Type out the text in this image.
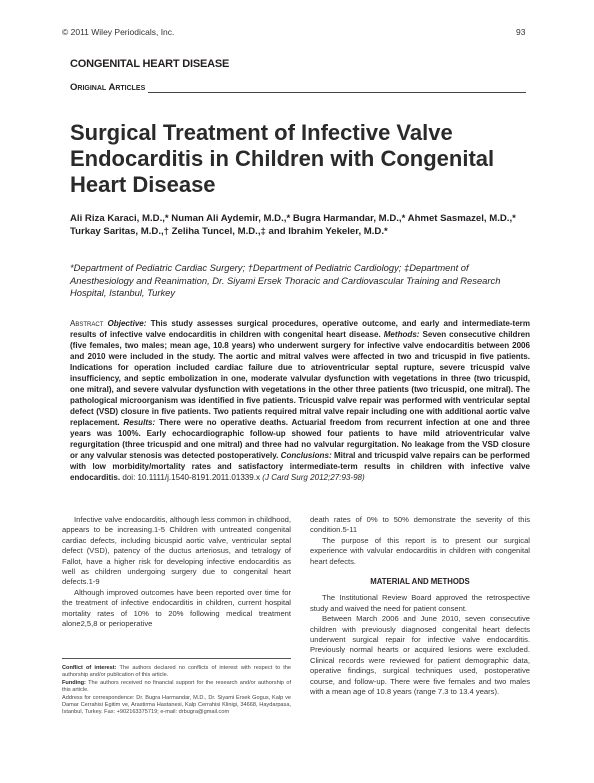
© 2011 Wiley Periodicals, Inc.	93
CONGENITAL HEART DISEASE
Original Articles
Surgical Treatment of Infective Valve Endocarditis in Children with Congenital Heart Disease
Ali Riza Karaci, M.D.,* Numan Ali Aydemir, M.D.,* Bugra Harmandar, M.D.,* Ahmet Sasmazel, M.D.,* Turkay Saritas, M.D.,† Zeliha Tuncel, M.D.,‡ and Ibrahim Yekeler, M.D.*
*Department of Pediatric Cardiac Surgery; †Department of Pediatric Cardiology; ‡Department of Anesthesiology and Reanimation, Dr. Siyami Ersek Thoracic and Cardiovascular Training and Research Hospital, Istanbul, Turkey
Abstract Objective: This study assesses surgical procedures, operative outcome, and early and intermediate-term results of infective valve endocarditis in children with congenital heart disease. Methods: Seven consecutive children (five females, two males; mean age, 10.8 years) who underwent surgery for infective valve endocarditis between 2006 and 2010 were included in the study. The aortic and mitral valves were affected in two and tricuspid in five patients. Indications for operation included cardiac failure due to atrioventricular septal rupture, severe tricuspid valve insufficiency, and septic embolization in one, moderate valvular dysfunction with vegetations in three (two tricuspid, one mitral), and severe valvular dysfunction with vegetations in the other three patients (two tricuspid, one mitral). The pathological microorganism was identified in five patients. Tricuspid valve repair was performed with ventricular septal defect (VSD) closure in five patients. Two patients required mitral valve repair including one with additional aortic valve replacement. Results: There were no operative deaths. Actuarial freedom from recurrent infection at one and three years was 100%. Early echocardiographic follow-up showed four patients to have mild atrioventricular valve regurgitation (three tricuspid and one mitral) and three had no valvular regurgitation. No leakage from the VSD closure or any valvular stenosis was detected postoperatively. Conclusions: Mitral and tricuspid valve repairs can be performed with low morbidity/mortality rates and satisfactory intermediate-term results in children with infective valve endocarditis. doi: 10.1111/j.1540-8191.2011.01339.x (J Card Surg 2012;27:93-98)

Infective valve endocarditis, although less common in childhood, appears to be increasing.1-5 Children with untreated congenital cardiac defects, including bicuspid aortic valve, ventricular septal defect (VSD), patency of the ductus arteriosus, and tetralogy of Fallot, have a higher risk for developing infective endocarditis as well as children undergoing surgery due to congenital heart defects.1-9

Although improved outcomes have been reported over time for the treatment of infective endocarditis in children, current hospital mortality rates of 10% to 20% following medical treatment alone2,5,8 or perioperative

death rates of 0% to 50% demonstrate the severity of this condition.5-11

The purpose of this report is to present our surgical experience with valvular endocarditis in children with congenital heart defects.

MATERIAL AND METHODS

The Institutional Review Board approved the retrospective study and waived the need for patient consent.

Between March 2006 and June 2010, seven consecutive children with previously diagnosed congenital heart defects underwent surgical repair for infective valve endocarditis. Previously normal hearts or acquired lesions were excluded. Clinical records were reviewed for patient demographic data, operative findings, surgical techniques used, postoperative course, and follow-up. There were five females and two males with a mean age of 10.8 years (range 7.3 to 13.4 years).

Conflict of interest: The authors declared no conflicts of interest with respect to the authorship and/or publication of this article.

Funding: The authors received no financial support for the research and/or authorship of this article.

Address for correspondence: Dr. Bugra Harmandar, M.D., Dr. Siyami Ersek Gogus, Kalp ve Damar Cerrahisi Egitim ve, Arastirma Hastanesi, Kalp Cerrahisi Klinigi, 34668, Haydarpasa, Istanbul, Turkey. Fax: +902163375719; e-mail: drbugra@gmail.com
